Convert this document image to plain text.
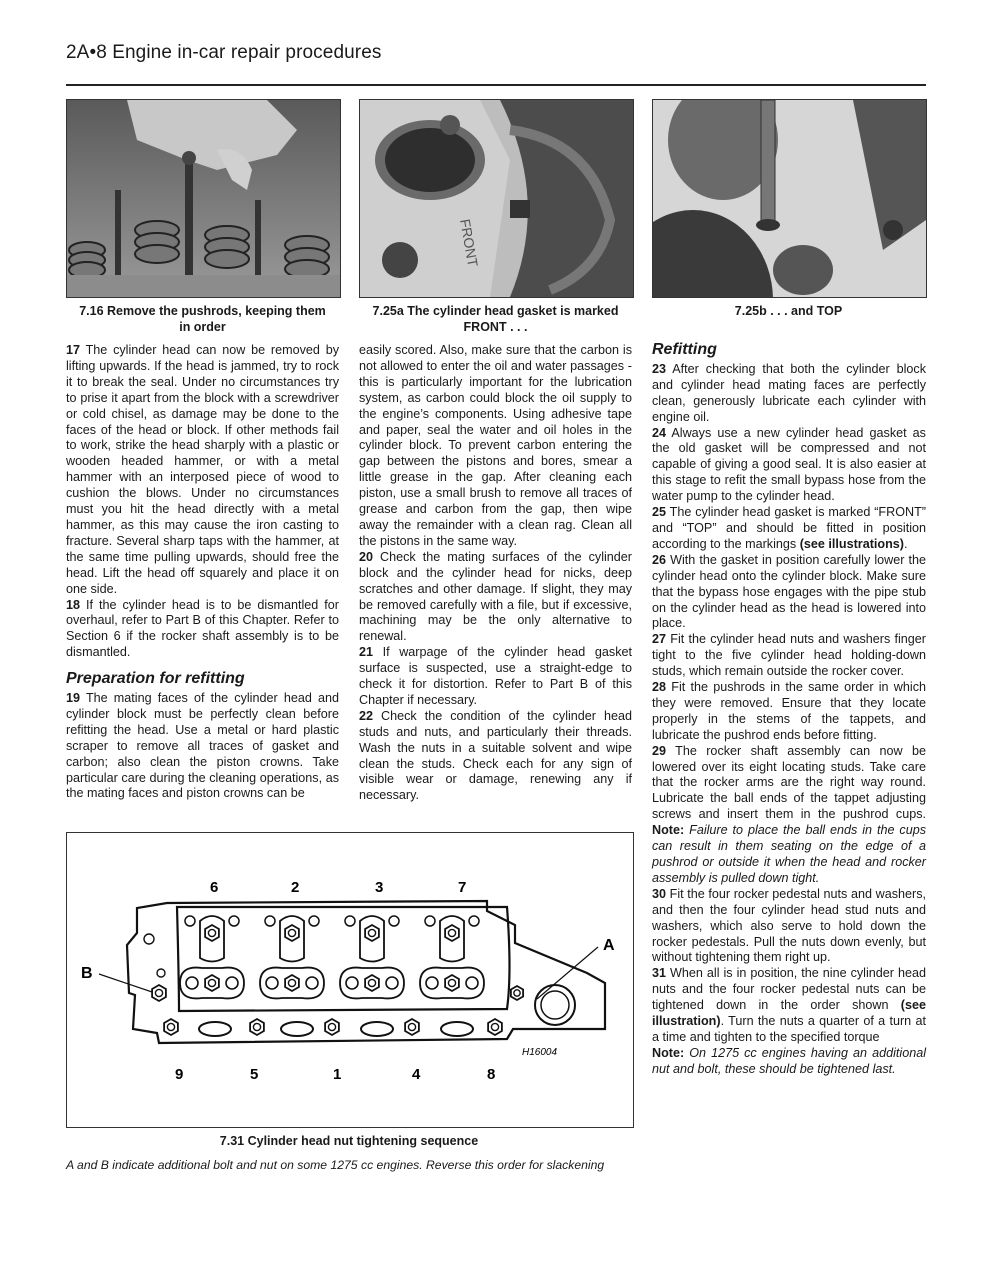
2A•8 Engine in-car repair procedures
7.16 Remove the pushrods, keeping them
in order
FRONT
7.25a The cylinder head gasket is marked
FRONT . . .
7.25b . . . and TOP

17 The cylinder head can now be removed by lifting upwards. If the head is jammed, try to rock it to break the seal. Under no circumstances try to prise it apart from the block with a screwdriver or cold chisel, as damage may be done to the faces of the head or block. If other methods fail to work, strike the head sharply with a plastic or wooden headed hammer, or with a metal hammer with an interposed piece of wood to cushion the blows. Under no circumstances must you hit the head directly with a metal hammer, as this may cause the iron casting to fracture. Several sharp taps with the hammer, at the same time pulling upwards, should free the head. Lift the head off squarely and place it on one side.

18 If the cylinder head is to be dismantled for overhaul, refer to Part B of this Chapter. Refer to Section 6 if the rocker shaft assembly is to be dismantled.

Preparation for refitting

19 The mating faces of the cylinder head and cylinder block must be perfectly clean before refitting the head. Use a metal or hard plastic scraper to remove all traces of gasket and carbon; also clean the piston crowns. Take particular care during the cleaning operations, as the mating faces and piston crowns can be

easily scored. Also, make sure that the carbon is not allowed to enter the oil and water passages - this is particularly important for the lubrication system, as carbon could block the oil supply to the engine’s components. Using adhesive tape and paper, seal the water and oil holes in the cylinder block. To prevent carbon entering the gap between the pistons and bores, smear a little grease in the gap. After cleaning each piston, use a small brush to remove all traces of grease and carbon from the gap, then wipe away the remainder with a clean rag. Clean all the pistons in the same way.

20 Check the mating surfaces of the cylinder block and the cylinder head for nicks, deep scratches and other damage. If slight, they may be removed carefully with a file, but if excessive, machining may be the only alternative to renewal.

21 If warpage of the cylinder head gasket surface is suspected, use a straight-edge to check it for distortion. Refer to Part B of this Chapter if necessary.

22 Check the condition of the cylinder head studs and nuts, and particularly their threads. Wash the nuts in a suitable solvent and wipe clean the studs. Check each for any sign of visible wear or damage, renewing any if necessary.

Refitting

23 After checking that both the cylinder block and cylinder head mating faces are perfectly clean, generously lubricate each cylinder with engine oil.

24 Always use a new cylinder head gasket as the old gasket will be compressed and not capable of giving a good seal. It is also easier at this stage to refit the small bypass hose from the water pump to the cylinder head.

25 The cylinder head gasket is marked “FRONT” and “TOP” and should be fitted in position according to the markings (see illustrations).

26 With the gasket in position carefully lower the cylinder head onto the cylinder block. Make sure that the bypass hose engages with the pipe stub on the cylinder head as the head is lowered into place.

27 Fit the cylinder head nuts and washers finger tight to the five cylinder head holding-down studs, which remain outside the rocker cover.

28 Fit the pushrods in the same order in which they were removed. Ensure that they locate properly in the stems of the tappets, and lubricate the pushrod ends before fitting.

29 The rocker shaft assembly can now be lowered over its eight locating studs. Take care that the rocker arms are the right way round. Lubricate the ball ends of the tappet adjusting screws and insert them in the pushrod cups. Note: Failure to place the ball ends in the cups can result in them seating on the edge of a pushrod or outside it when the head and rocker assembly is pulled down tight.

30 Fit the four rocker pedestal nuts and washers, and then the four cylinder head stud nuts and washers, which also serve to hold down the rocker pedestals. Pull the nuts down evenly, but without tightening them right up.

31 When all is in position, the nine cylinder head nuts and the four rocker pedestal nuts can be tightened down in the order shown (see illustration). Turn the nuts a quarter of a turn at a time and tighten to the specified torque

Note: On 1275 cc engines having an additional nut and bolt, these should be tightened last.

6	2	3	7
9	5	1	4	8
A
B
H16004
7.31 Cylinder head nut tightening sequence
A and B indicate additional bolt and nut on some 1275 cc engines. Reverse this order for slackening
